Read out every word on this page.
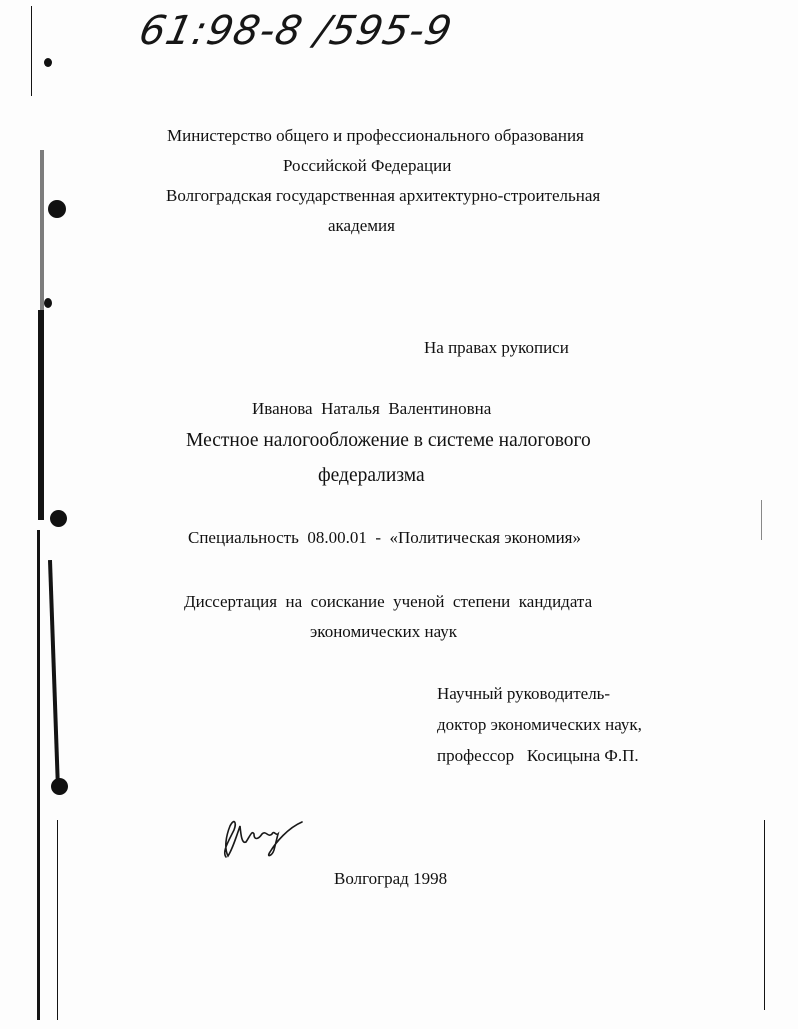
61:98-8 /595-9
Министерство общего и профессионального образования
Российской Федерации
Волгоградская государственная архитектурно-строительная
академия
На правах рукописи
Иванова  Наталья  Валентиновна
Местное налогообложение в системе налогового
федерализма
Специальность  08.00.01  -  «Политическая экономия»
Диссертация  на  соискание  ученой  степени  кандидата
экономических наук
Научный руководитель-
доктор экономических наук,
профессор   Косицына Ф.П.
Волгоград 1998
